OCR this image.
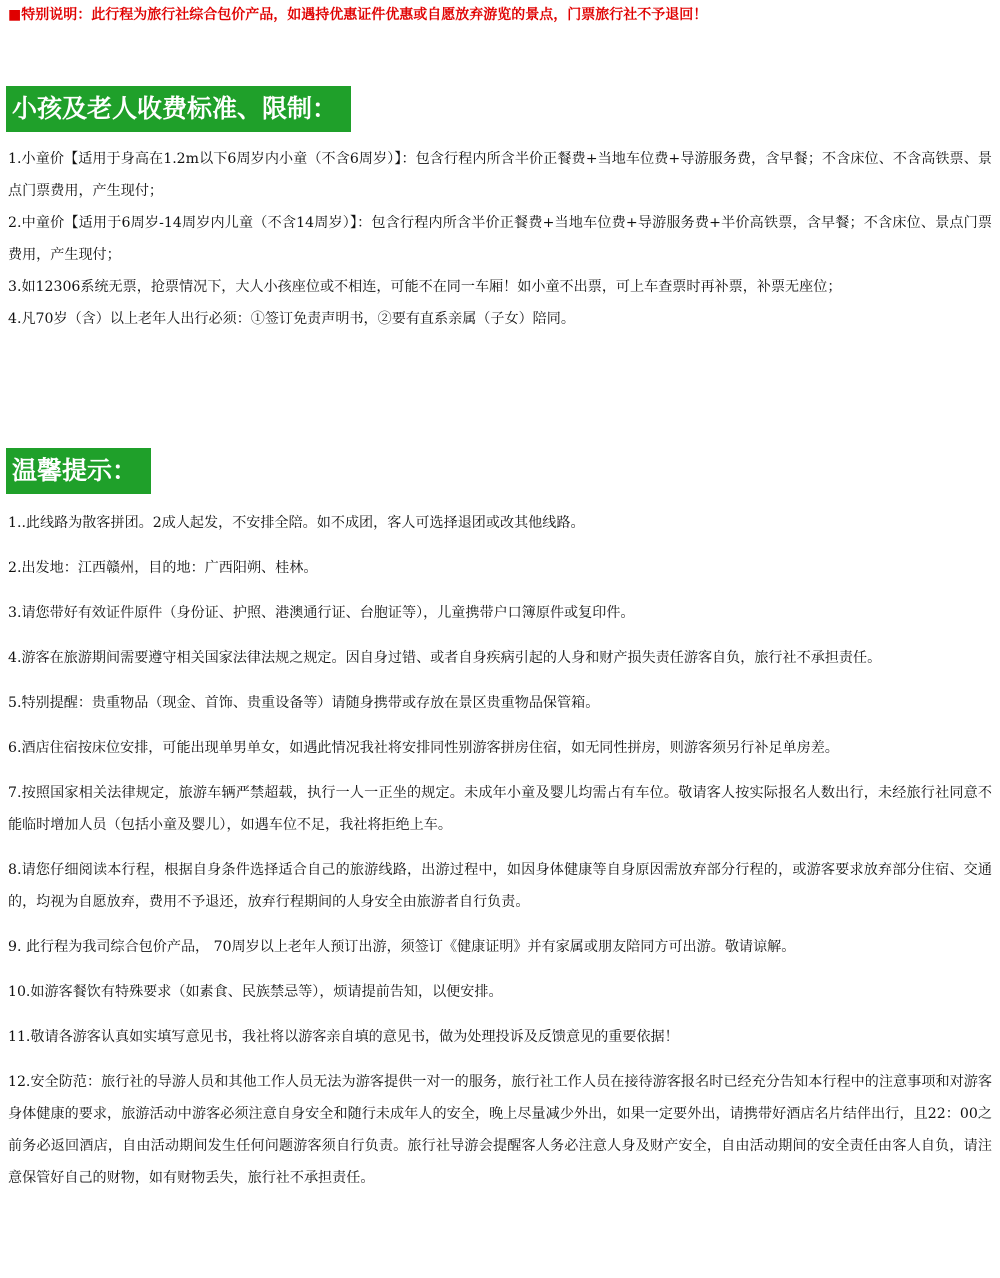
■特别说明：此行程为旅行社综合包价产品，如遇持优惠证件优惠或自愿放弃游览的景点，门票旅行社不予退回！
小孩及老人收费标准、限制：

1.小童价【适用于身高在1.2m以下6周岁内小童（不含6周岁）】：包含行程内所含半价正餐费+当地车位费+导游服务费，含早餐；不含床位、不含高铁票、景点门票费用，产生现付；

2.中童价【适用于6周岁-14周岁内儿童（不含14周岁）】：包含行程内所含半价正餐费+当地车位费+导游服务费+半价高铁票，含早餐；不含床位、景点门票费用，产生现付；

3.如12306系统无票，抢票情况下，大人小孩座位或不相连，可能不在同一车厢！如小童不出票，可上车查票时再补票，补票无座位；

4.凡70岁（含）以上老年人出行必须：①签订免责声明书，②要有直系亲属（子女）陪同。

温馨提示：

1..此线路为散客拼团。2成人起发，不安排全陪。如不成团，客人可选择退团或改其他线路。

2.出发地：江西赣州，目的地：广西阳朔、桂林。

3.请您带好有效证件原件（身份证、护照、港澳通行证、台胞证等），儿童携带户口簿原件或复印件。

4.游客在旅游期间需要遵守相关国家法律法规之规定。因自身过错、或者自身疾病引起的人身和财产损失责任游客自负，旅行社不承担责任。

5.特别提醒：贵重物品（现金、首饰、贵重设备等）请随身携带或存放在景区贵重物品保管箱。

6.酒店住宿按床位安排，可能出现单男单女，如遇此情况我社将安排同性别游客拼房住宿，如无同性拼房，则游客须另行补足单房差。

7.按照国家相关法律规定，旅游车辆严禁超载，执行一人一正坐的规定。未成年小童及婴儿均需占有车位。敬请客人按实际报名人数出行，未经旅行社同意不能临时增加人员（包括小童及婴儿），如遇车位不足，我社将拒绝上车。

8.请您仔细阅读本行程，根据自身条件选择适合自己的旅游线路，出游过程中，如因身体健康等自身原因需放弃部分行程的，或游客要求放弃部分住宿、交通的，均视为自愿放弃，费用不予退还，放弃行程期间的人身安全由旅游者自行负责。

9. 此行程为我司综合包价产品， 70周岁以上老年人预订出游，须签订《健康证明》并有家属或朋友陪同方可出游。敬请谅解。

10.如游客餐饮有特殊要求（如素食、民族禁忌等），烦请提前告知，以便安排。

11.敬请各游客认真如实填写意见书，我社将以游客亲自填的意见书，做为处理投诉及反馈意见的重要依据！

12.安全防范：旅行社的导游人员和其他工作人员无法为游客提供一对一的服务，旅行社工作人员在接待游客报名时已经充分告知本行程中的注意事项和对游客身体健康的要求，旅游活动中游客必须注意自身安全和随行未成年人的安全，晚上尽量减少外出，如果一定要外出，请携带好酒店名片结伴出行，且22：00之前务必返回酒店，自由活动期间发生任何问题游客须自行负责。旅行社导游会提醒客人务必注意人身及财产安全，自由活动期间的安全责任由客人自负，请注意保管好自己的财物，如有财物丢失，旅行社不承担责任。
